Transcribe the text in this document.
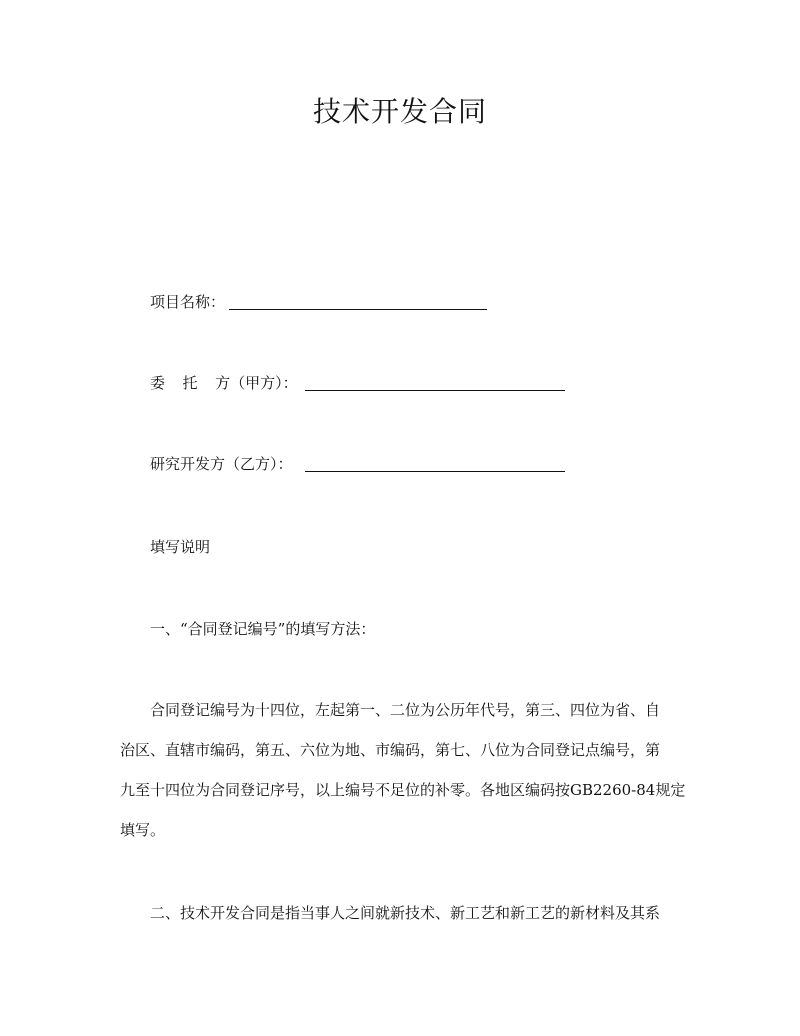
技术开发合同
项目名称：
委  托  方（甲方）：
研究开发方（乙方）：
填写说明
一、“合同登记编号”的填写方法：
合同登记编号为十四位，左起第一、二位为公历年代号，第三、四位为省、自
治区、直辖市编码，第五、六位为地、市编码，第七、八位为合同登记点编号，第
九至十四位为合同登记序号，以上编号不足位的补零。各地区编码按GB2260-84规定
填写。
二、技术开发合同是指当事人之间就新技术、新工艺和新工艺的新材料及其系
